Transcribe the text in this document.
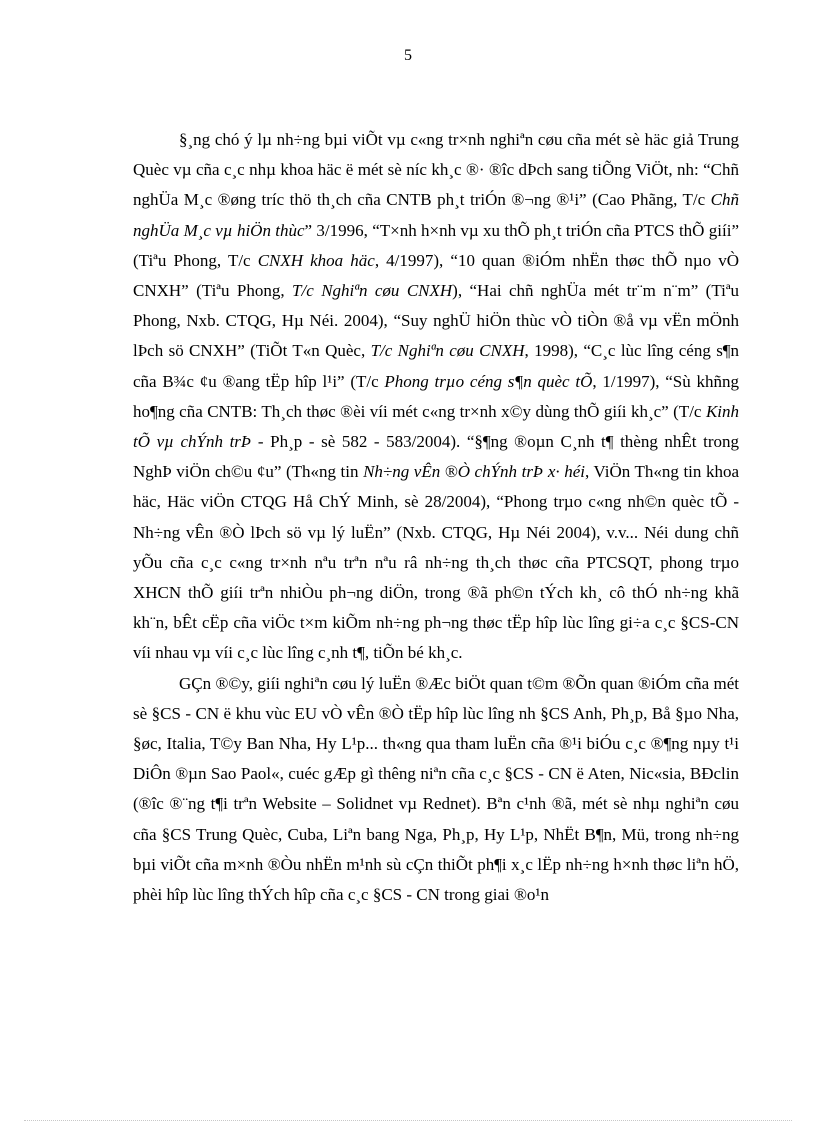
5

§¸ng chó ý lµ nh÷ng bµi viÕt vµ c«ng tr×nh nghiªn cøu cña mét sè häc giả Trung Quèc vµ cña c¸c nhµ khoa häc ë mét sè níc kh¸c ®· ®îc dÞch sang tiÕng ViÖt, nh: “Chñ nghÜa M¸c ®øng tríc thö th¸ch cña CNTB ph¸t triÓn ®¬ng ®¹i” (Cao Phãng, T/c Chñ nghÜa M¸c vµ hiÖn thùc” 3/1996, “T×nh h×nh vµ xu thÕ ph¸t triÓn cña PTCS thÕ giíi” (Tiªu Phong, T/c CNXH khoa häc, 4/1997), “10 quan ®iÓm nhËn thøc thÕ nµo vÒ CNXH” (Tiªu Phong, T/c Nghiªn cøu CNXH), “Hai chñ nghÜa mét tr¨m n¨m” (Tiªu Phong, Nxb. CTQG, Hµ Néi. 2004), “Suy nghÜ hiÖn thùc vÒ tiÒn ®å vµ vËn mÖnh lÞch sö CNXH” (TiÕt T«n Quèc, T/c Nghiªn cøu CNXH, 1998), “C¸c lùc lîng céng s¶n cña B¾c ¢u ®ang tËp hîp l¹i” (T/c Phong trµo céng s¶n quèc tÕ, 1/1997), “Sù khñng ho¶ng cña CNTB: Th¸ch thøc ®èi víi mét c«ng tr×nh x©y dùng thÕ giíi kh¸c” (T/c Kinh tÕ vµ chÝnh trÞ - Ph¸p - sè 582 - 583/2004). “§¶ng ®oµn C¸nh t¶ thèng nhÊt trong NghÞ viÖn ch©u ¢u” (Th«ng tin Nh÷ng vÊn ®Ò chÝnh trÞ x· héi, ViÖn Th«ng tin khoa häc, Häc viÖn CTQG Hå ChÝ Minh, sè 28/2004), “Phong trµo c«ng nh©n quèc tÕ - Nh÷ng vÊn ®Ò lÞch sö vµ lý luËn” (Nxb. CTQG, Hµ Néi 2004), v.v... Néi dung chñ yÕu cña c¸c c«ng tr×nh nªu trªn nªu râ nh÷ng th¸ch thøc cña PTCSQT, phong trµo XHCN thÕ giíi trªn nhiÒu ph¬ng diÖn, trong ®ã ph©n tÝch kh¸ cô thÓ nh÷ng khã kh¨n, bÊt cËp cña viÖc t×m kiÕm nh÷ng ph¬ng thøc tËp hîp lùc lîng gi÷a c¸c §CS-CN víi nhau vµ víi c¸c lùc lîng c¸nh t¶, tiÕn bé kh¸c.

GÇn ®©y, giíi nghiªn cøu lý luËn ®Æc biÖt quan t©m ®Õn quan ®iÓm cña mét sè §CS - CN ë khu vùc EU vÒ vÊn ®Ò tËp hîp lùc lîng nh §CS Anh, Ph¸p, Bå §µo Nha, §øc, Italia, T©y Ban Nha, Hy L¹p... th«ng qua tham luËn cña ®¹i biÓu c¸c ®¶ng nµy t¹i DiÔn ®µn Sao Paol«, cuéc gÆp gì thêng niªn cña c¸c §CS - CN ë Aten, Nic«sia, BÐclin (®îc ®¨ng t¶i trªn Website – Solidnet vµ Rednet). Bªn c¹nh ®ã, mét sè nhµ nghiªn cøu cña §CS Trung Quèc, Cuba, Liªn bang Nga, Ph¸p, Hy L¹p, NhËt B¶n, Mü, trong nh÷ng bµi viÕt cña m×nh ®Òu nhËn m¹nh sù cÇn thiÕt ph¶i x¸c lËp nh÷ng h×nh thøc liªn hÖ, phèi hîp lùc lîng thÝch hîp cña c¸c §CS - CN trong giai ®o¹n
